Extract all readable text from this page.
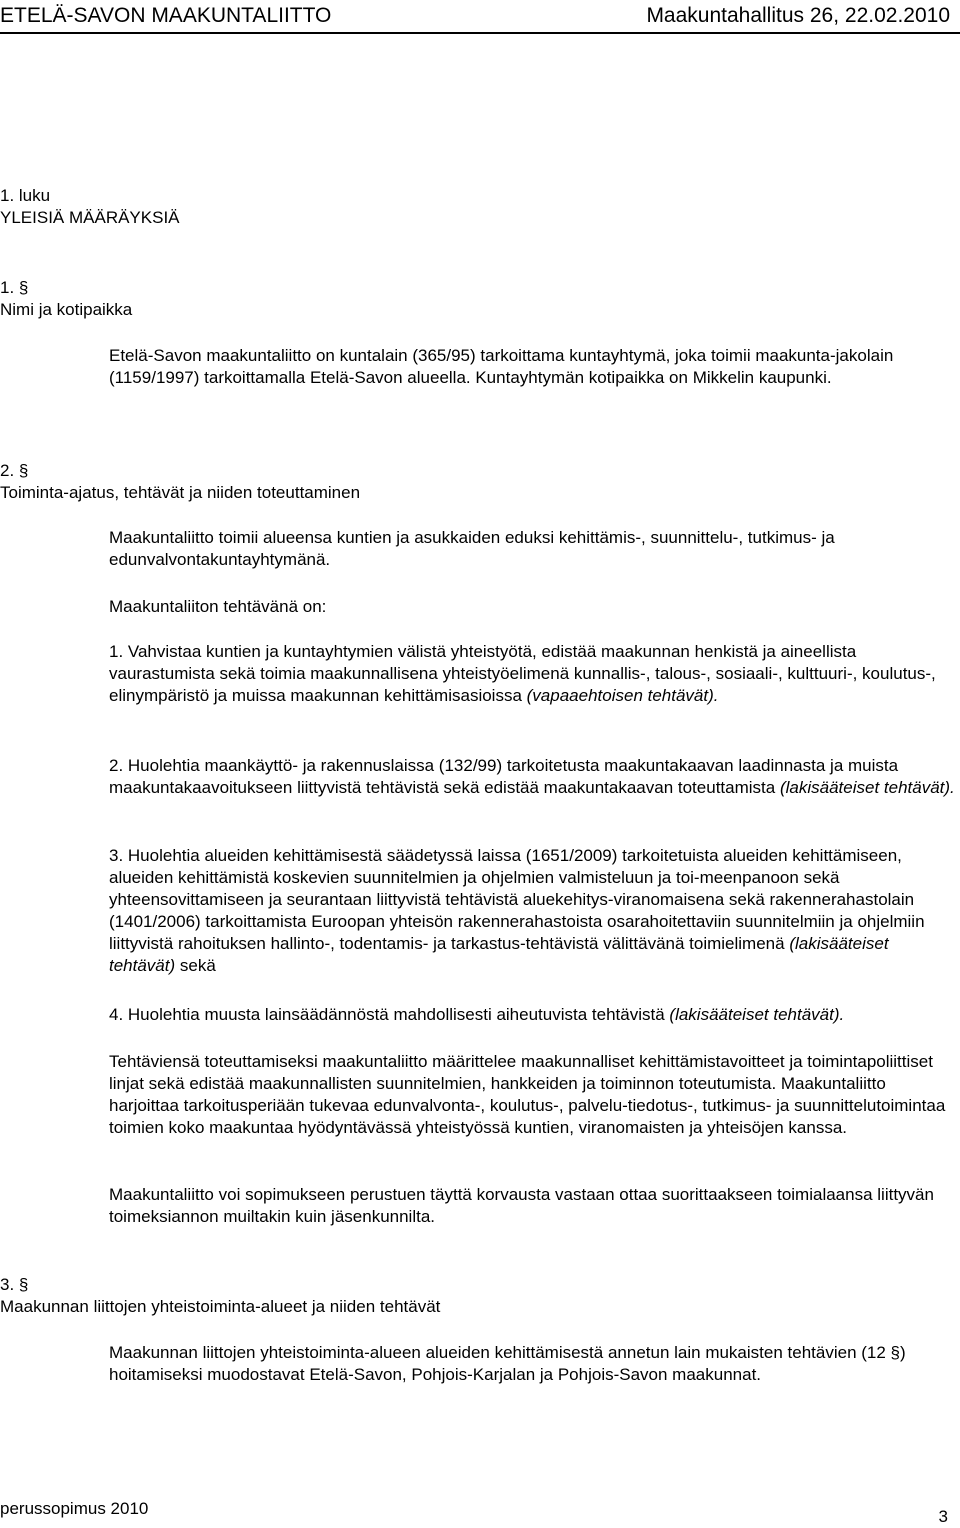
ETELÄ-SAVON MAAKUNTALIITTO	Maakuntahallitus 26, 22.02.2010

1. luku

YLEISIÄ MÄÄRÄYKSIÄ

1. §

Nimi ja kotipaikka

Etelä-Savon maakuntaliitto on kuntalain (365/95) tarkoittama kuntayhtymä, joka toimii maakunta-jakolain (1159/1997) tarkoittamalla Etelä-Savon alueella. Kuntayhtymän kotipaikka on Mikkelin kaupunki.

2. §

Toiminta-ajatus, tehtävät ja niiden toteuttaminen

Maakuntaliitto toimii alueensa kuntien ja asukkaiden eduksi kehittämis-, suunnittelu-, tutkimus- ja edunvalvontakuntayhtymänä.

Maakuntaliiton tehtävänä on:

1. Vahvistaa kuntien ja kuntayhtymien välistä yhteistyötä, edistää maakunnan henkistä ja aineellista vaurastumista sekä toimia maakunnallisena yhteistyöelimenä kunnallis-, talous-, sosiaali-, kulttuuri-, koulutus-, elinympäristö ja muissa maakunnan kehittämisasioissa (vapaaehtoisen tehtävät).

2. Huolehtia maankäyttö- ja rakennuslaissa (132/99) tarkoitetusta maakuntakaavan laadinnasta ja muista maakuntakaavoitukseen liittyvistä tehtävistä sekä edistää maakuntakaavan toteuttamista (lakisääteiset tehtävät).

3. Huolehtia alueiden kehittämisestä säädetyssä laissa (1651/2009) tarkoitetuista alueiden kehittämiseen, alueiden kehittämistä koskevien suunnitelmien ja ohjelmien valmisteluun ja toi-meenpanoon sekä yhteensovittamiseen ja seurantaan liittyvistä tehtävistä aluekehitys-viranomaisena sekä rakennerahastolain (1401/2006) tarkoittamista Euroopan yhteisön rakennerahastoista osarahoitettaviin suunnitelmiin ja ohjelmiin liittyvistä rahoituksen hallinto-, todentamis- ja tarkastus-tehtävistä välittävänä toimielimenä (lakisääteiset tehtävät) sekä

4. Huolehtia muusta lainsäädännöstä mahdollisesti aiheutuvista tehtävistä (lakisääteiset tehtävät).

Tehtäviensä toteuttamiseksi maakuntaliitto määrittelee maakunnalliset kehittämistavoitteet ja toimintapoliittiset linjat sekä edistää maakunnallisten suunnitelmien, hankkeiden ja toiminnon toteutumista. Maakuntaliitto harjoittaa tarkoitusperiään tukevaa edunvalvonta-, koulutus-, palvelu-tiedotus-, tutkimus- ja suunnittelutoimintaa toimien koko maakuntaa hyödyntävässä yhteistyössä kuntien, viranomaisten ja yhteisöjen kanssa.

Maakuntaliitto voi sopimukseen perustuen täyttä korvausta vastaan ottaa suorittaakseen toimialaansa liittyvän toimeksiannon muiltakin kuin jäsenkunnilta.

3. §

Maakunnan liittojen yhteistoiminta-alueet ja niiden tehtävät

Maakunnan liittojen yhteistoiminta-alueen alueiden kehittämisestä annetun lain mukaisten tehtävien (12 §) hoitamiseksi muodostavat Etelä-Savon, Pohjois-Karjalan ja Pohjois-Savon maakunnat.

perussopimus 2010	3
